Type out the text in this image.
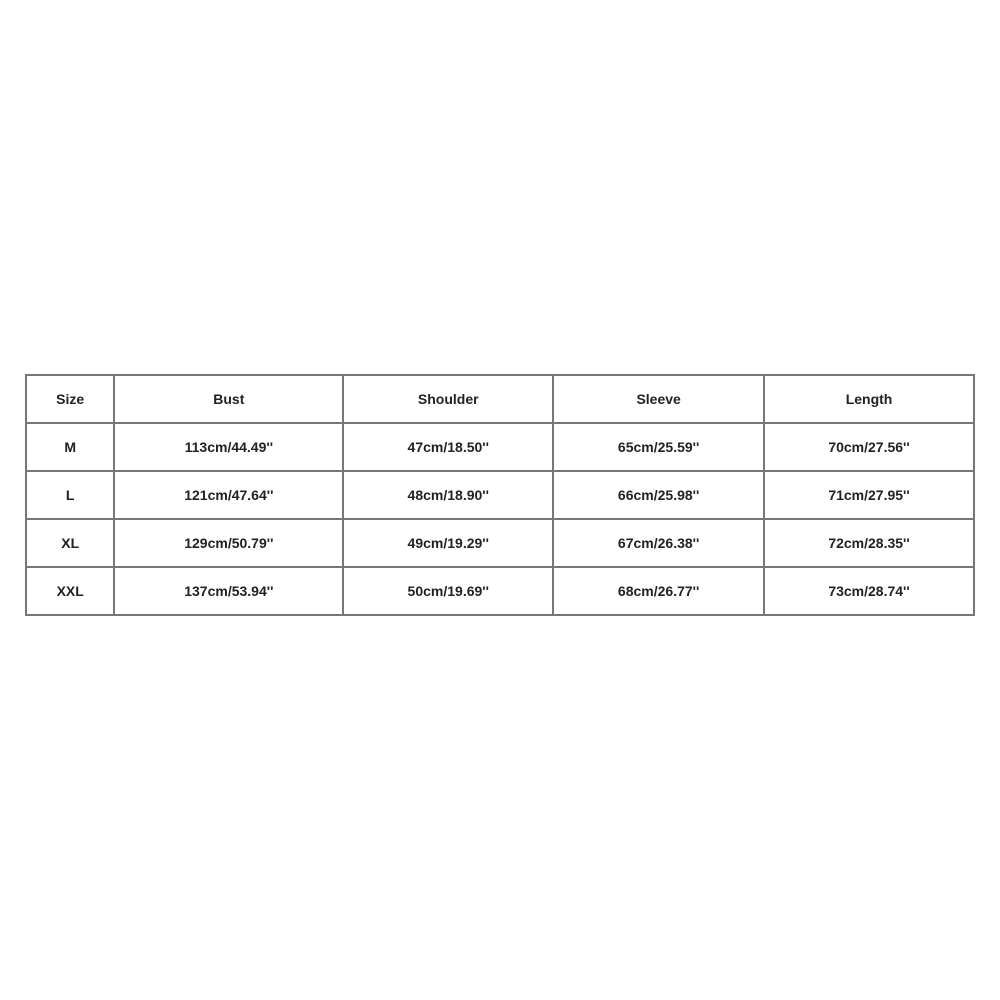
Size	Bust	Shoulder	Sleeve	Length
M	113cm/44.49''	47cm/18.50''	65cm/25.59''	70cm/27.56''
L	121cm/47.64''	48cm/18.90''	66cm/25.98''	71cm/27.95''
XL	129cm/50.79''	49cm/19.29''	67cm/26.38''	72cm/28.35''
XXL	137cm/53.94''	50cm/19.69''	68cm/26.77''	73cm/28.74''
